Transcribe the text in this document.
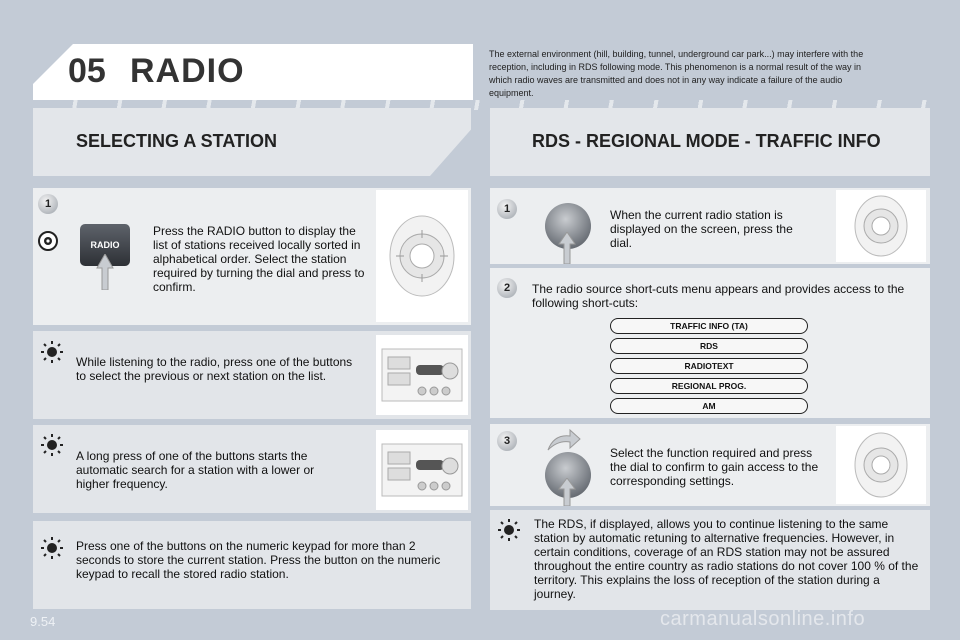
05 RADIO	The external environment (hill, building, tunnel, underground car park...) may interfere with the reception, including in RDS following mode. This phenomenon is a normal result of the way in which radio waves are transmitted and does not in any way indicate a failure of the audio equipment.
SELECTING A STATION	RDS - REGIONAL MODE - TRAFFIC INFO
1
RADIO
Press the RADIO button to display the list of stations received locally sorted in alphabetical order. Select the station required by turning the dial and press to confirm.
While listening to the radio, press one of the buttons to select the previous or next station on the list.
A long press of one of the buttons starts the automatic search for a station with a lower or higher frequency.
Press one of the buttons on the numeric keypad for more than 2 seconds to store the current station. Press the button on the numeric keypad to recall the stored radio station.
1	When the current radio station is displayed on the screen, press the dial.
2	The radio source short-cuts menu appears and provides access to the following short-cuts:
TRAFFIC INFO (TA)
RDS
RADIOTEXT
REGIONAL PROG.
AM
3
Select the function required and press the dial to confirm to gain access to the corresponding settings.
The RDS, if displayed, allows you to continue listening to the same station by automatic retuning to alternative frequencies. However, in certain conditions, coverage of an RDS station may not be assured throughout the entire country as radio stations do not cover 100 % of the territory. This explains the loss of reception of the station during a journey.
9.54	carmanualsonline.info
